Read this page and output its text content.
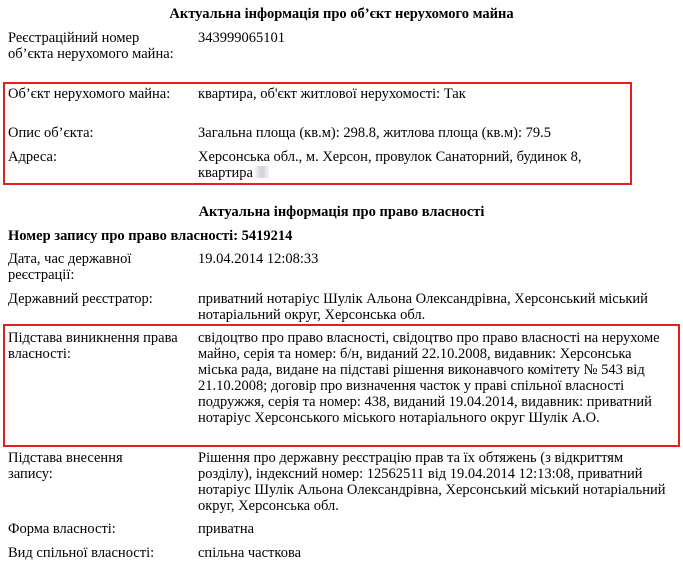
Актуальна інформація про об’єкт нерухомого майна
Реєстраційний номер об’єкта нерухомого майна:
343999065101
Об’єкт нерухомого майна:	квартира, об'єкт житлової нерухомості: Так
Опис об’єкта:	Загальна площа (кв.м): 298.8, житлова площа (кв.м): 79.5
Адреса:	Херсонська обл., м. Херсон, провулок Санаторний, будинок 8, квартира
Актуальна інформація про право власності
Номер запису про право власності: 5419214
Дата, час державної реєстрації:
19.04.2014 12:08:33
Державний реєстратор:	приватний нотаріус Шулік Альона Олександрівна, Херсонський міський нотаріальний округ, Херсонська обл.
Підстава виникнення права власності:
свідоцтво про право власності, свідоцтво про право власності на нерухоме майно, серія та номер: б/н, виданий 22.10.2008, видавник: Херсонська міська рада, видане на підставі рішення виконавчого комітету № 543 від 21.10.2008; договір про визначення часток у праві спільної власності подружжя, серія та номер: 438, виданий 19.04.2014, видавник: приватний нотаріус Херсонського міського нотаріального округ Шулік А.О.
Підстава внесення запису:
Рішення про державну реєстрацію прав та їх обтяжень (з відкриттям розділу), індексний номер: 12562511 від 19.04.2014 12:13:08, приватний нотаріус Шулік Альона Олександрівна, Херсонський міський нотаріальний округ, Херсонська обл.
Форма власності:	приватна
Вид спільної власності:	спільна часткова
